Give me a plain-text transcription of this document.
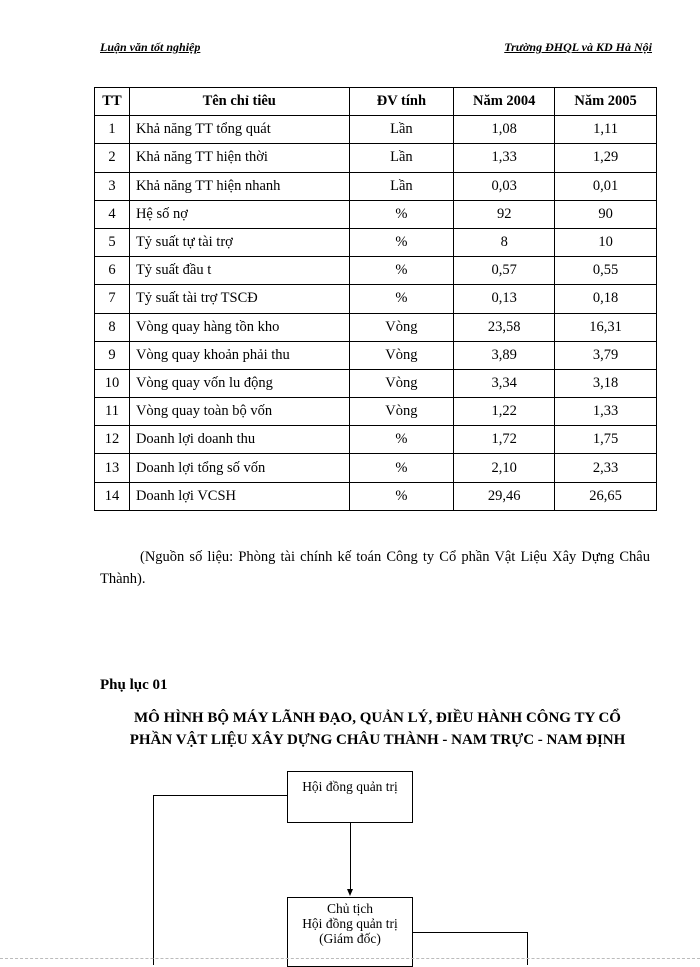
Luận văn tốt nghiệp	Trường ĐHQL và KD Hà Nội
TT	Tên chỉ tiêu	ĐV tính	Năm 2004	Năm 2005
1	Khả năng TT tổng quát	Lần	1,08	1,11
2	Khả năng TT hiện thời	Lần	1,33	1,29
3	Khả năng TT hiện nhanh	Lần	0,03	0,01
4	Hệ số nợ	%	92	90
5	Tỷ suất tự tài trợ	%	8	10
6	Tỷ suất đầu t	%	0,57	0,55
7	Tỷ suất tài trợ TSCĐ	%	0,13	0,18
8	Vòng quay hàng tồn kho	Vòng	23,58	16,31
9	Vòng quay khoản phải thu	Vòng	3,89	3,79
10	Vòng quay vốn lu động	Vòng	3,34	3,18
11	Vòng quay toàn bộ vốn	Vòng	1,22	1,33
12	Doanh lợi doanh thu	%	1,72	1,75
13	Doanh lợi tổng số vốn	%	2,10	2,33
14	Doanh lợi VCSH	%	29,46	26,65
(Nguồn số liệu: Phòng tài chính kế toán Công ty Cổ phần Vật Liệu Xây Dựng Châu Thành).
Phụ lục 01
MÔ HÌNH BỘ MÁY LÃNH ĐẠO, QUẢN LÝ, ĐIỀU HÀNH CÔNG TY CỔ
PHẦN VẬT LIỆU XÂY DỰNG CHÂU THÀNH - NAM TRỰC - NAM ĐỊNH
Hội đồng quản trị
Chủ tịch
Hội đồng quản trị
(Giám đốc)
